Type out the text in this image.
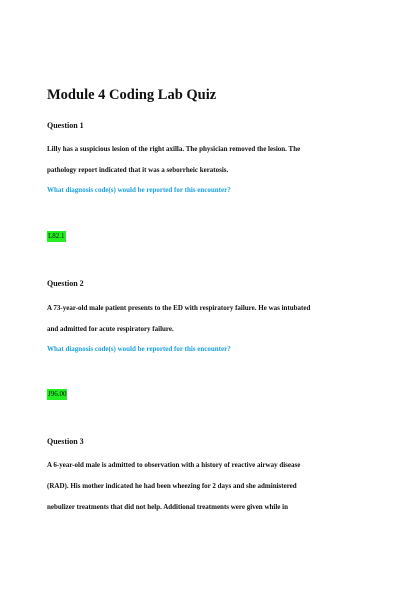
Module 4 Coding Lab Quiz

Question 1

Lilly has a suspicious lesion of the right axilla. The physician removed the lesion. The

pathology report indicated that it was a seborrheic keratosis.

What diagnosis code(s) would be reported for this encounter?

L82.1

Question 2

A 73-year-old male patient presents to the ED with respiratory failure. He was intubated

and admitted for acute respiratory failure.

What diagnosis code(s) would be reported for this encounter?

J96.00

Question 3

A 6-year-old male is admitted to observation with a history of reactive airway disease

(RAD). His mother indicated he had been wheezing for 2 days and she administered

nebulizer treatments that did not help. Additional treatments were given while in
